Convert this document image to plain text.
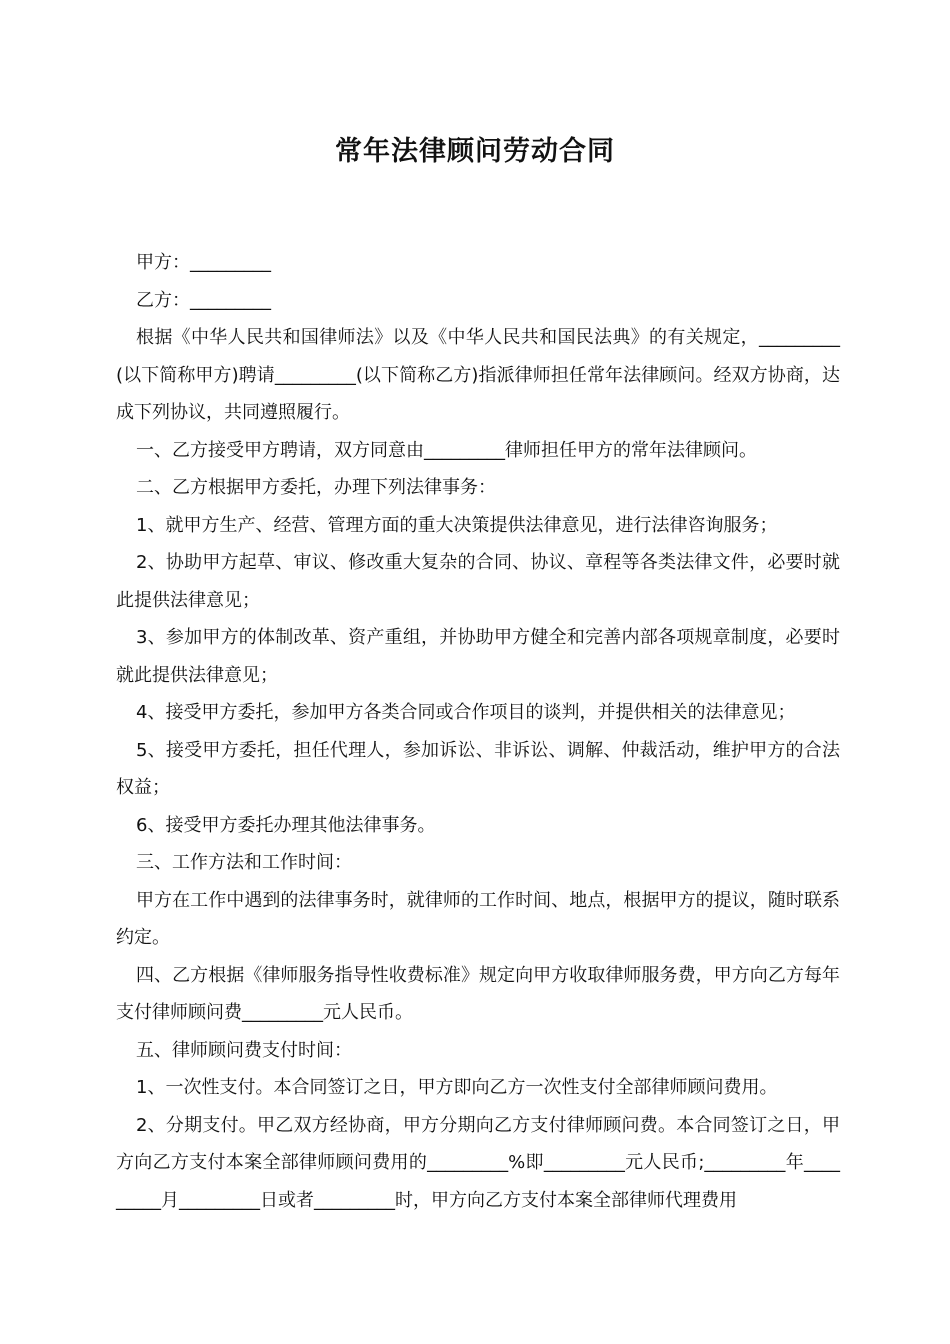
常年法律顾问劳动合同

甲方：_________

乙方：_________

根据《中华人民共和国律师法》以及《中华人民共和国民法典》的有关规定，_________(以下简称甲方)聘请_________(以下简称乙方)指派律师担任常年法律顾问。经双方协商，达成下列协议，共同遵照履行。

一、乙方接受甲方聘请，双方同意由_________律师担任甲方的常年法律顾问。

二、乙方根据甲方委托，办理下列法律事务：

1、就甲方生产、经营、管理方面的重大决策提供法律意见，进行法律咨询服务；

2、协助甲方起草、审议、修改重大复杂的合同、协议、章程等各类法律文件，必要时就此提供法律意见；

3、参加甲方的体制改革、资产重组，并协助甲方健全和完善内部各项规章制度，必要时就此提供法律意见；

4、接受甲方委托，参加甲方各类合同或合作项目的谈判，并提供相关的法律意见；

5、接受甲方委托，担任代理人，参加诉讼、非诉讼、调解、仲裁活动，维护甲方的合法权益；

6、接受甲方委托办理其他法律事务。

三、工作方法和工作时间：

甲方在工作中遇到的法律事务时，就律师的工作时间、地点，根据甲方的提议，随时联系约定。

四、乙方根据《律师服务指导性收费标准》规定向甲方收取律师服务费，甲方向乙方每年支付律师顾问费_________元人民币。

五、律师顾问费支付时间：

1、一次性支付。本合同签订之日，甲方即向乙方一次性支付全部律师顾问费用。

2、分期支付。甲乙双方经协商，甲方分期向乙方支付律师顾问费。本合同签订之日，甲方向乙方支付本案全部律师顾问费用的_________%即_________元人民币;_________年_________月_________日或者_________时，甲方向乙方支付本案全部律师代理费用
